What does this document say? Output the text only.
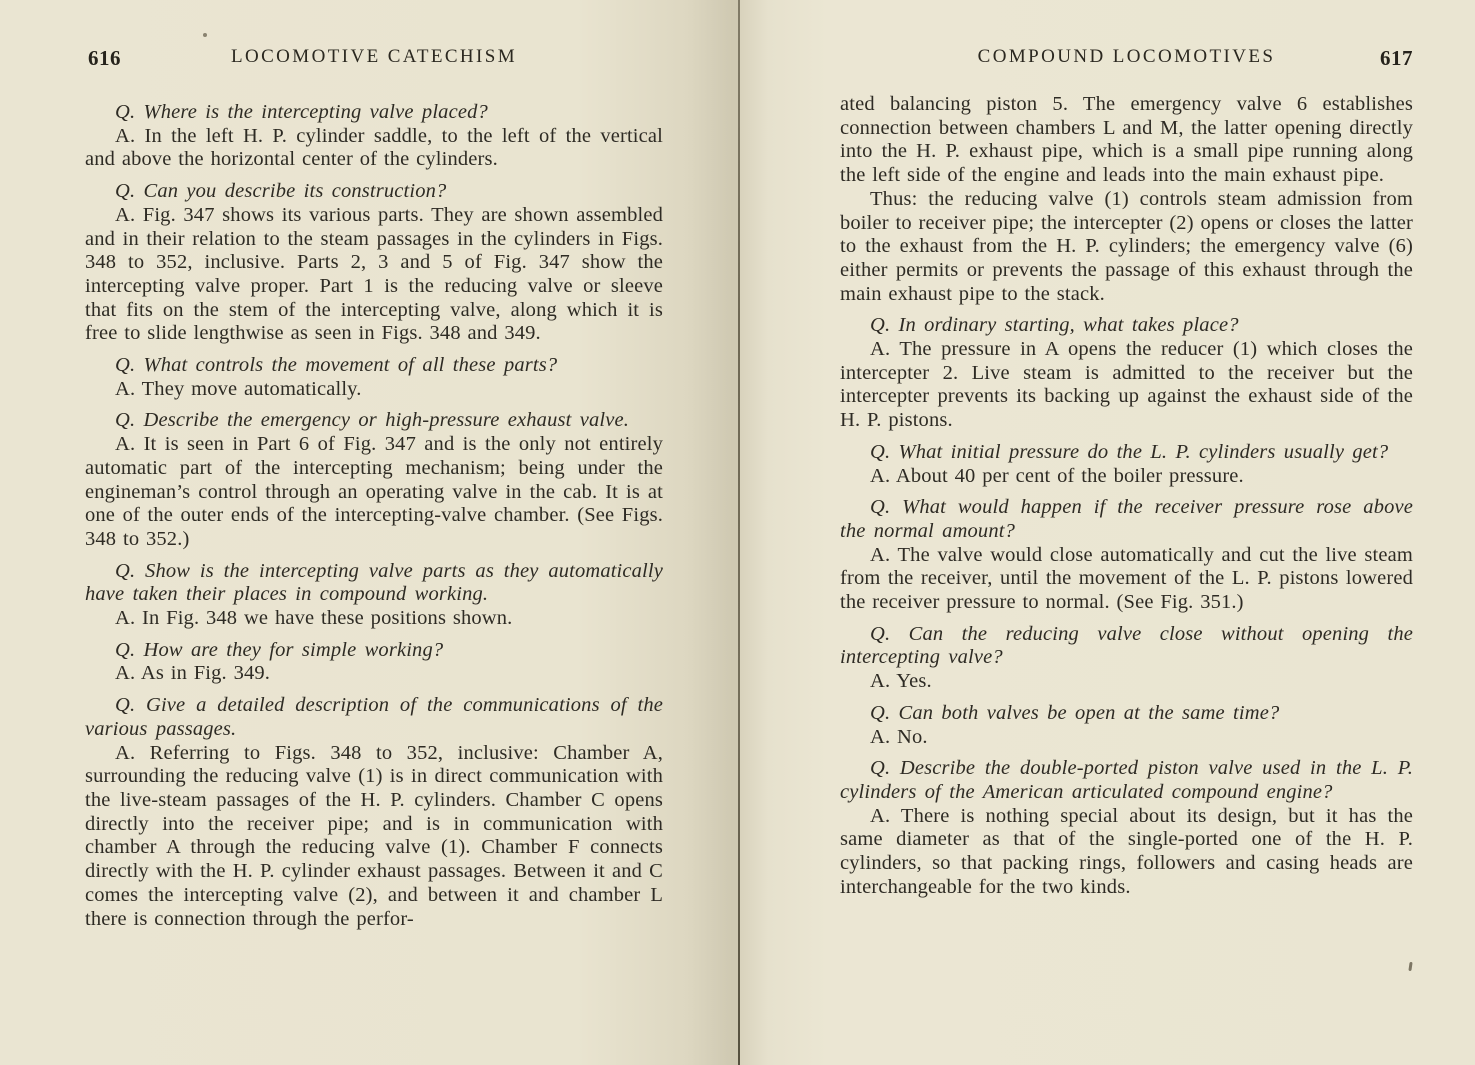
616	LOCOMOTIVE CATECHISM	COMPOUND LOCOMOTIVES	617

Q. Where is the intercepting valve placed?

A. In the left H. P. cylinder saddle, to the left of the vertical and above the horizontal center of the cylinders.

Q. Can you describe its construction?

A. Fig. 347 shows its various parts. They are shown assembled and in their relation to the steam passages in the cylinders in Figs. 348 to 352, inclusive. Parts 2, 3 and 5 of Fig. 347 show the intercepting valve proper. Part 1 is the reducing valve or sleeve that fits on the stem of the intercepting valve, along which it is free to slide lengthwise as seen in Figs. 348 and 349.

Q. What controls the movement of all these parts?

A. They move automatically.

Q. Describe the emergency or high-pressure exhaust valve.

A. It is seen in Part 6 of Fig. 347 and is the only not entirely automatic part of the intercepting mechanism; being under the engineman’s control through an operating valve in the cab. It is at one of the outer ends of the intercepting-valve chamber. (See Figs. 348 to 352.)

Q. Show is the intercepting valve parts as they automatically have taken their places in compound working.

A. In Fig. 348 we have these positions shown.

Q. How are they for simple working?

A. As in Fig. 349.

Q. Give a detailed description of the communications of the various passages.

A. Referring to Figs. 348 to 352, inclusive: Chamber A, surrounding the reducing valve (1) is in direct communication with the live-steam passages of the H. P. cylinders. Chamber C opens directly into the receiver pipe; and is in communication with chamber A through the reducing valve (1). Chamber F connects directly with the H. P. cylinder exhaust passages. Between it and C comes the intercepting valve (2), and between it and chamber L there is connection through the perfor-

ated balancing piston 5. The emergency valve 6 establishes connection between chambers L and M, the latter opening directly into the H. P. exhaust pipe, which is a small pipe running along the left side of the engine and leads into the main exhaust pipe.

Thus: the reducing valve (1) controls steam admission from boiler to receiver pipe; the intercepter (2) opens or closes the latter to the exhaust from the H. P. cylinders; the emergency valve (6) either permits or prevents the passage of this exhaust through the main exhaust pipe to the stack.

Q. In ordinary starting, what takes place?

A. The pressure in A opens the reducer (1) which closes the intercepter 2. Live steam is admitted to the receiver but the intercepter prevents its backing up against the exhaust side of the H. P. pistons.

Q. What initial pressure do the L. P. cylinders usually get?

A. About 40 per cent of the boiler pressure.

Q. What would happen if the receiver pressure rose above the normal amount?

A. The valve would close automatically and cut the live steam from the receiver, until the movement of the L. P. pistons lowered the receiver pressure to normal. (See Fig. 351.)

Q. Can the reducing valve close without opening the intercepting valve?

A. Yes.

Q. Can both valves be open at the same time?

A. No.

Q. Describe the double-ported piston valve used in the L. P. cylinders of the American articulated compound engine?

A. There is nothing special about its design, but it has the same diameter as that of the single-ported one of the H. P. cylinders, so that packing rings, followers and casing heads are interchangeable for the two kinds.
